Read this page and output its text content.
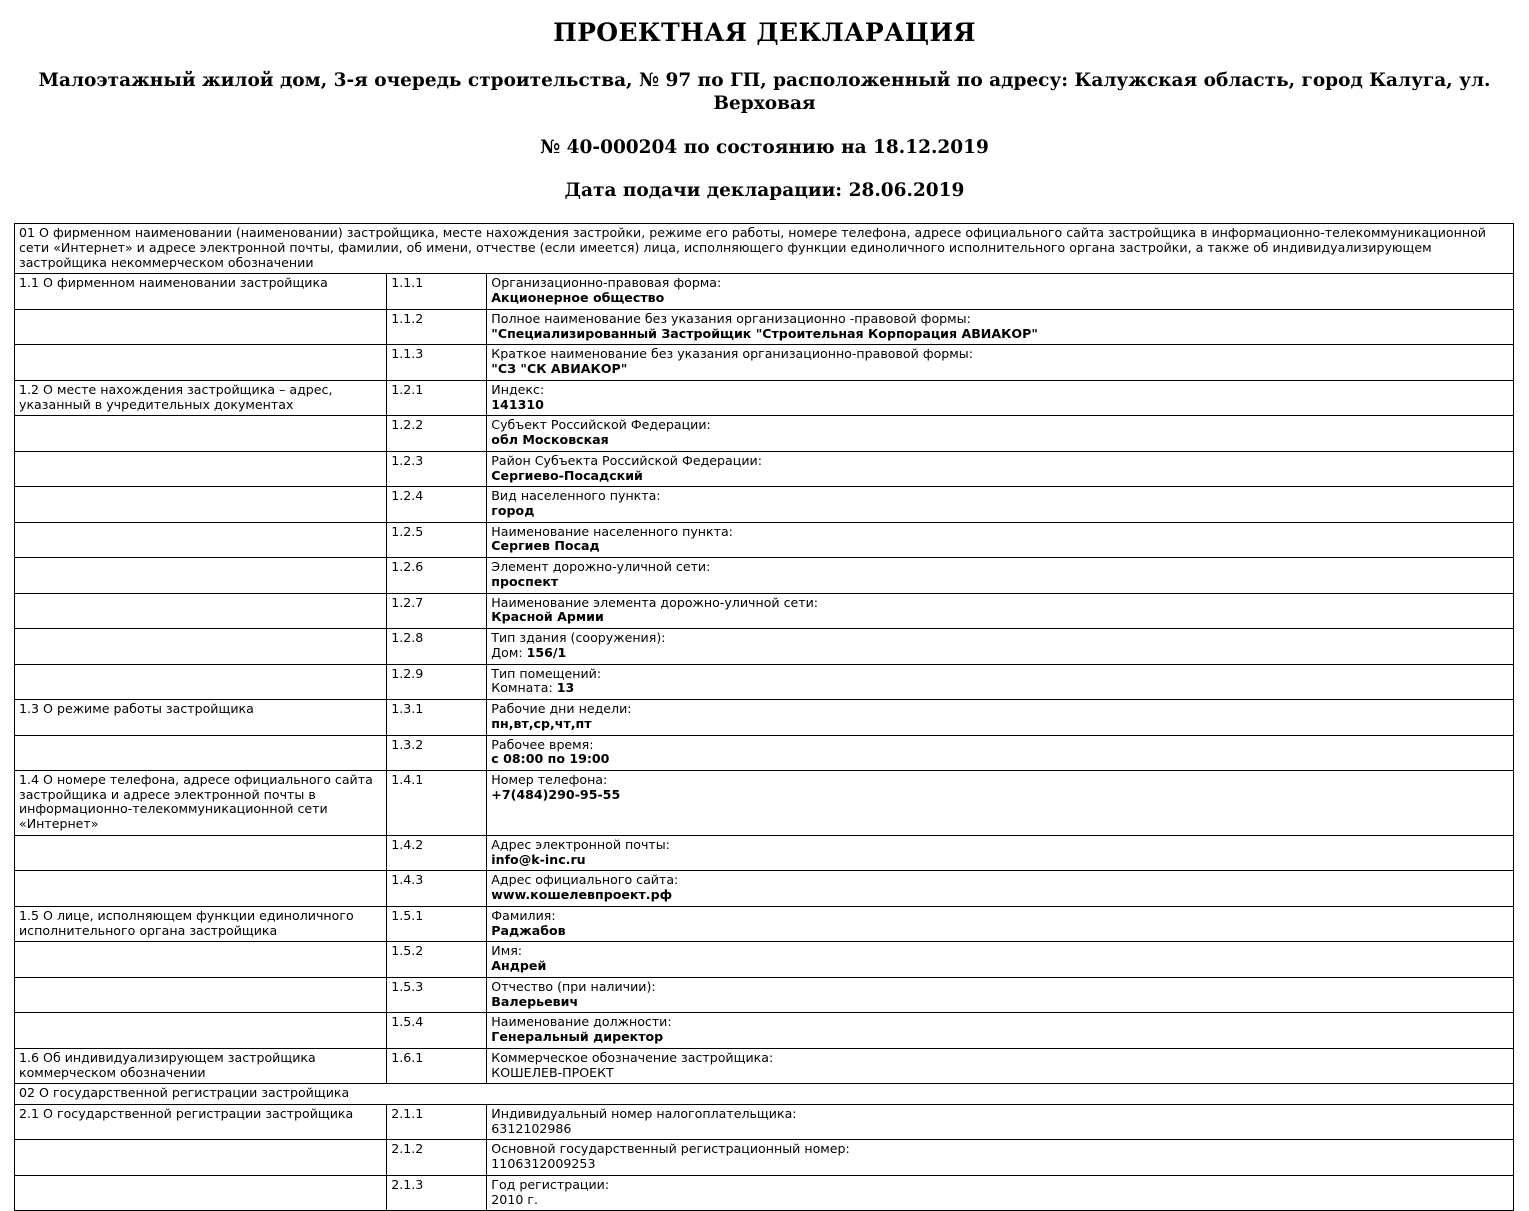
ПРОЕКТНАЯ ДЕКЛАРАЦИЯ
Малоэтажный жилой дом, 3-я очередь строительства, № 97 по ГП, расположенный по адресу: Калужская область, город Калуга, ул. Верховая
№ 40-000204 по состоянию на 18.12.2019
Дата подачи декларации: 28.06.2019
01 О фирменном наименовании (наименовании) застройщика, месте нахождения застройки, режиме его работы, номере телефона, адресе официального сайта застройщика в информационно-телекоммуникационной сети «Интернет» и адресе электронной почты, фамилии, об имени, отчестве (если имеется) лица, исполняющего функции единоличного исполнительного органа застройки, а также об индивидуализирующем застройщика некоммерческом обозначении		
1.1 О фирменном наименовании застройщика	1.1.1	Организационно-правовая форма:
Акционерное общество

	1.1.2	Полное наименование без указания организационно -правовой формы:
"Специализированный Застройщик "Строительная Корпорация АВИАКОР"

	1.1.3	Краткое наименование без указания организационно-правовой формы:
"СЗ "СК АВИАКОР"

1.2 О месте нахождения застройщика – адрес, указанный в учредительных документах	1.2.1	Индекс:
141310

	1.2.2	Субъект Российской Федерации:
обл Московская

	1.2.3	Район Субъекта Российской Федерации:
Сергиево-Посадский

	1.2.4	Вид населенного пункта:
город

	1.2.5	Наименование населенного пункта:
Сергиев Посад

	1.2.6	Элемент дорожно-уличной сети:
проспект

	1.2.7	Наименование элемента дорожно-уличной сети:
Красной Армии

	1.2.8	Тип здания (сооружения):
Дом: 156/1

	1.2.9	Тип помещений:
Комната: 13

1.3 О режиме работы застройщика	1.3.1	Рабочие дни недели:
пн,вт,ср,чт,пт

	1.3.2	Рабочее время:
с 08:00 по 19:00

1.4 О номере телефона, адресе официального сайта застройщика и адресе электронной почты в информационно-телекоммуникационной сети «Интернет»	1.4.1	Номер телефона:
+7(484)290-95-55

	1.4.2	Адрес электронной почты:
info@k-inc.ru

	1.4.3	Адрес официального сайта:
www.кошелевпроект.рф

1.5 О лице, исполняющем функции единоличного исполнительного органа застройщика	1.5.1	Фамилия:
Раджабов

	1.5.2	Имя:
Андрей

	1.5.3	Отчество (при наличии):
Валерьевич

	1.5.4	Наименование должности:
Генеральный директор

1.6 Об индивидуализирующем застройщика коммерческом обозначении	1.6.1	Коммерческое обозначение застройщика:
КОШЕЛЕВ-ПРОЕКТ

02 О государственной регистрации застройщика		
2.1 О государственной регистрации застройщика	2.1.1	Индивидуальный номер налогоплательщика:
6312102986

	2.1.2	Основной государственный регистрационный номер:
1106312009253

	2.1.3	Год регистрации:
2010 г.
